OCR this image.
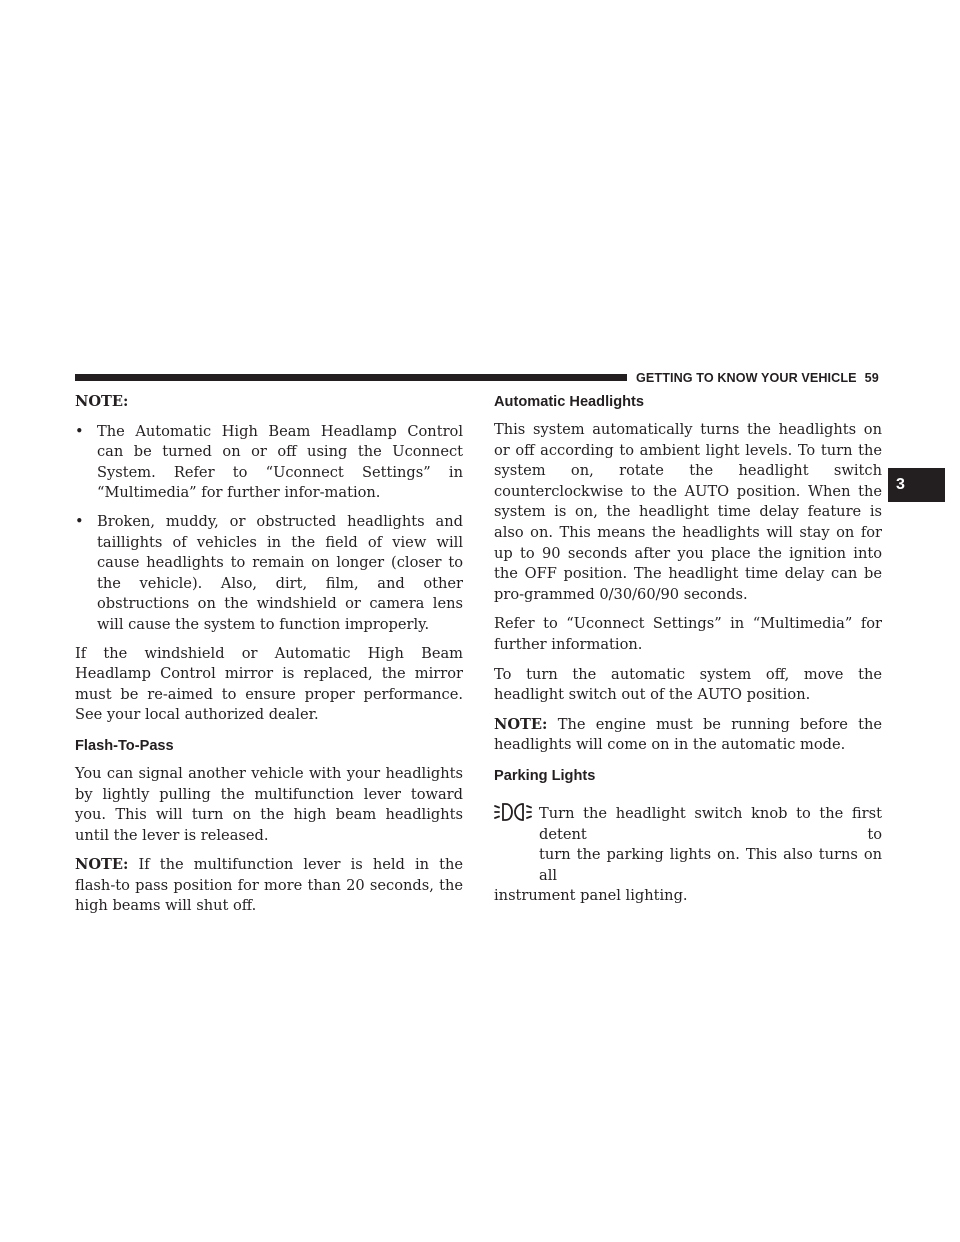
GETTING TO KNOW YOUR VEHICLE 59
3

NOTE:

• The Automatic High Beam Headlamp Control can be turned on or off using the Uconnect System. Refer to “Uconnect Settings” in “Multimedia” for further infor-mation.
• Broken, muddy, or obstructed headlights and taillights of vehicles in the field of view will cause headlights to remain on longer (closer to the vehicle). Also, dirt, film, and other obstructions on the windshield or camera lens will cause the system to function improperly.

If the windshield or Automatic High Beam Headlamp Control mirror is replaced, the mirror must be re-aimed to ensure proper performance. See your local authorized dealer.

Flash-To-Pass

You can signal another vehicle with your headlights by lightly pulling the multifunction lever toward you. This will turn on the high beam headlights until the lever is released.

NOTE: If the multifunction lever is held in the flash-to pass position for more than 20 seconds, the high beams will shut off.

Automatic Headlights

This system automatically turns the headlights on or off according to ambient light levels. To turn the system on, rotate the headlight switch counterclockwise to the AUTO position. When the system is on, the headlight time delay feature is also on. This means the headlights will stay on for up to 90 seconds after you place the ignition into the OFF position. The headlight time delay can be pro-grammed 0/30/60/90 seconds.

Refer to “Uconnect Settings” in “Multimedia” for further information.

To turn the automatic system off, move the headlight switch out of the AUTO position.

NOTE: The engine must be running before the headlights will come on in the automatic mode.

Parking Lights
Turn the headlight switch knob to the first detent to
turn the parking lights on. This also turns on all
instrument panel lighting.
